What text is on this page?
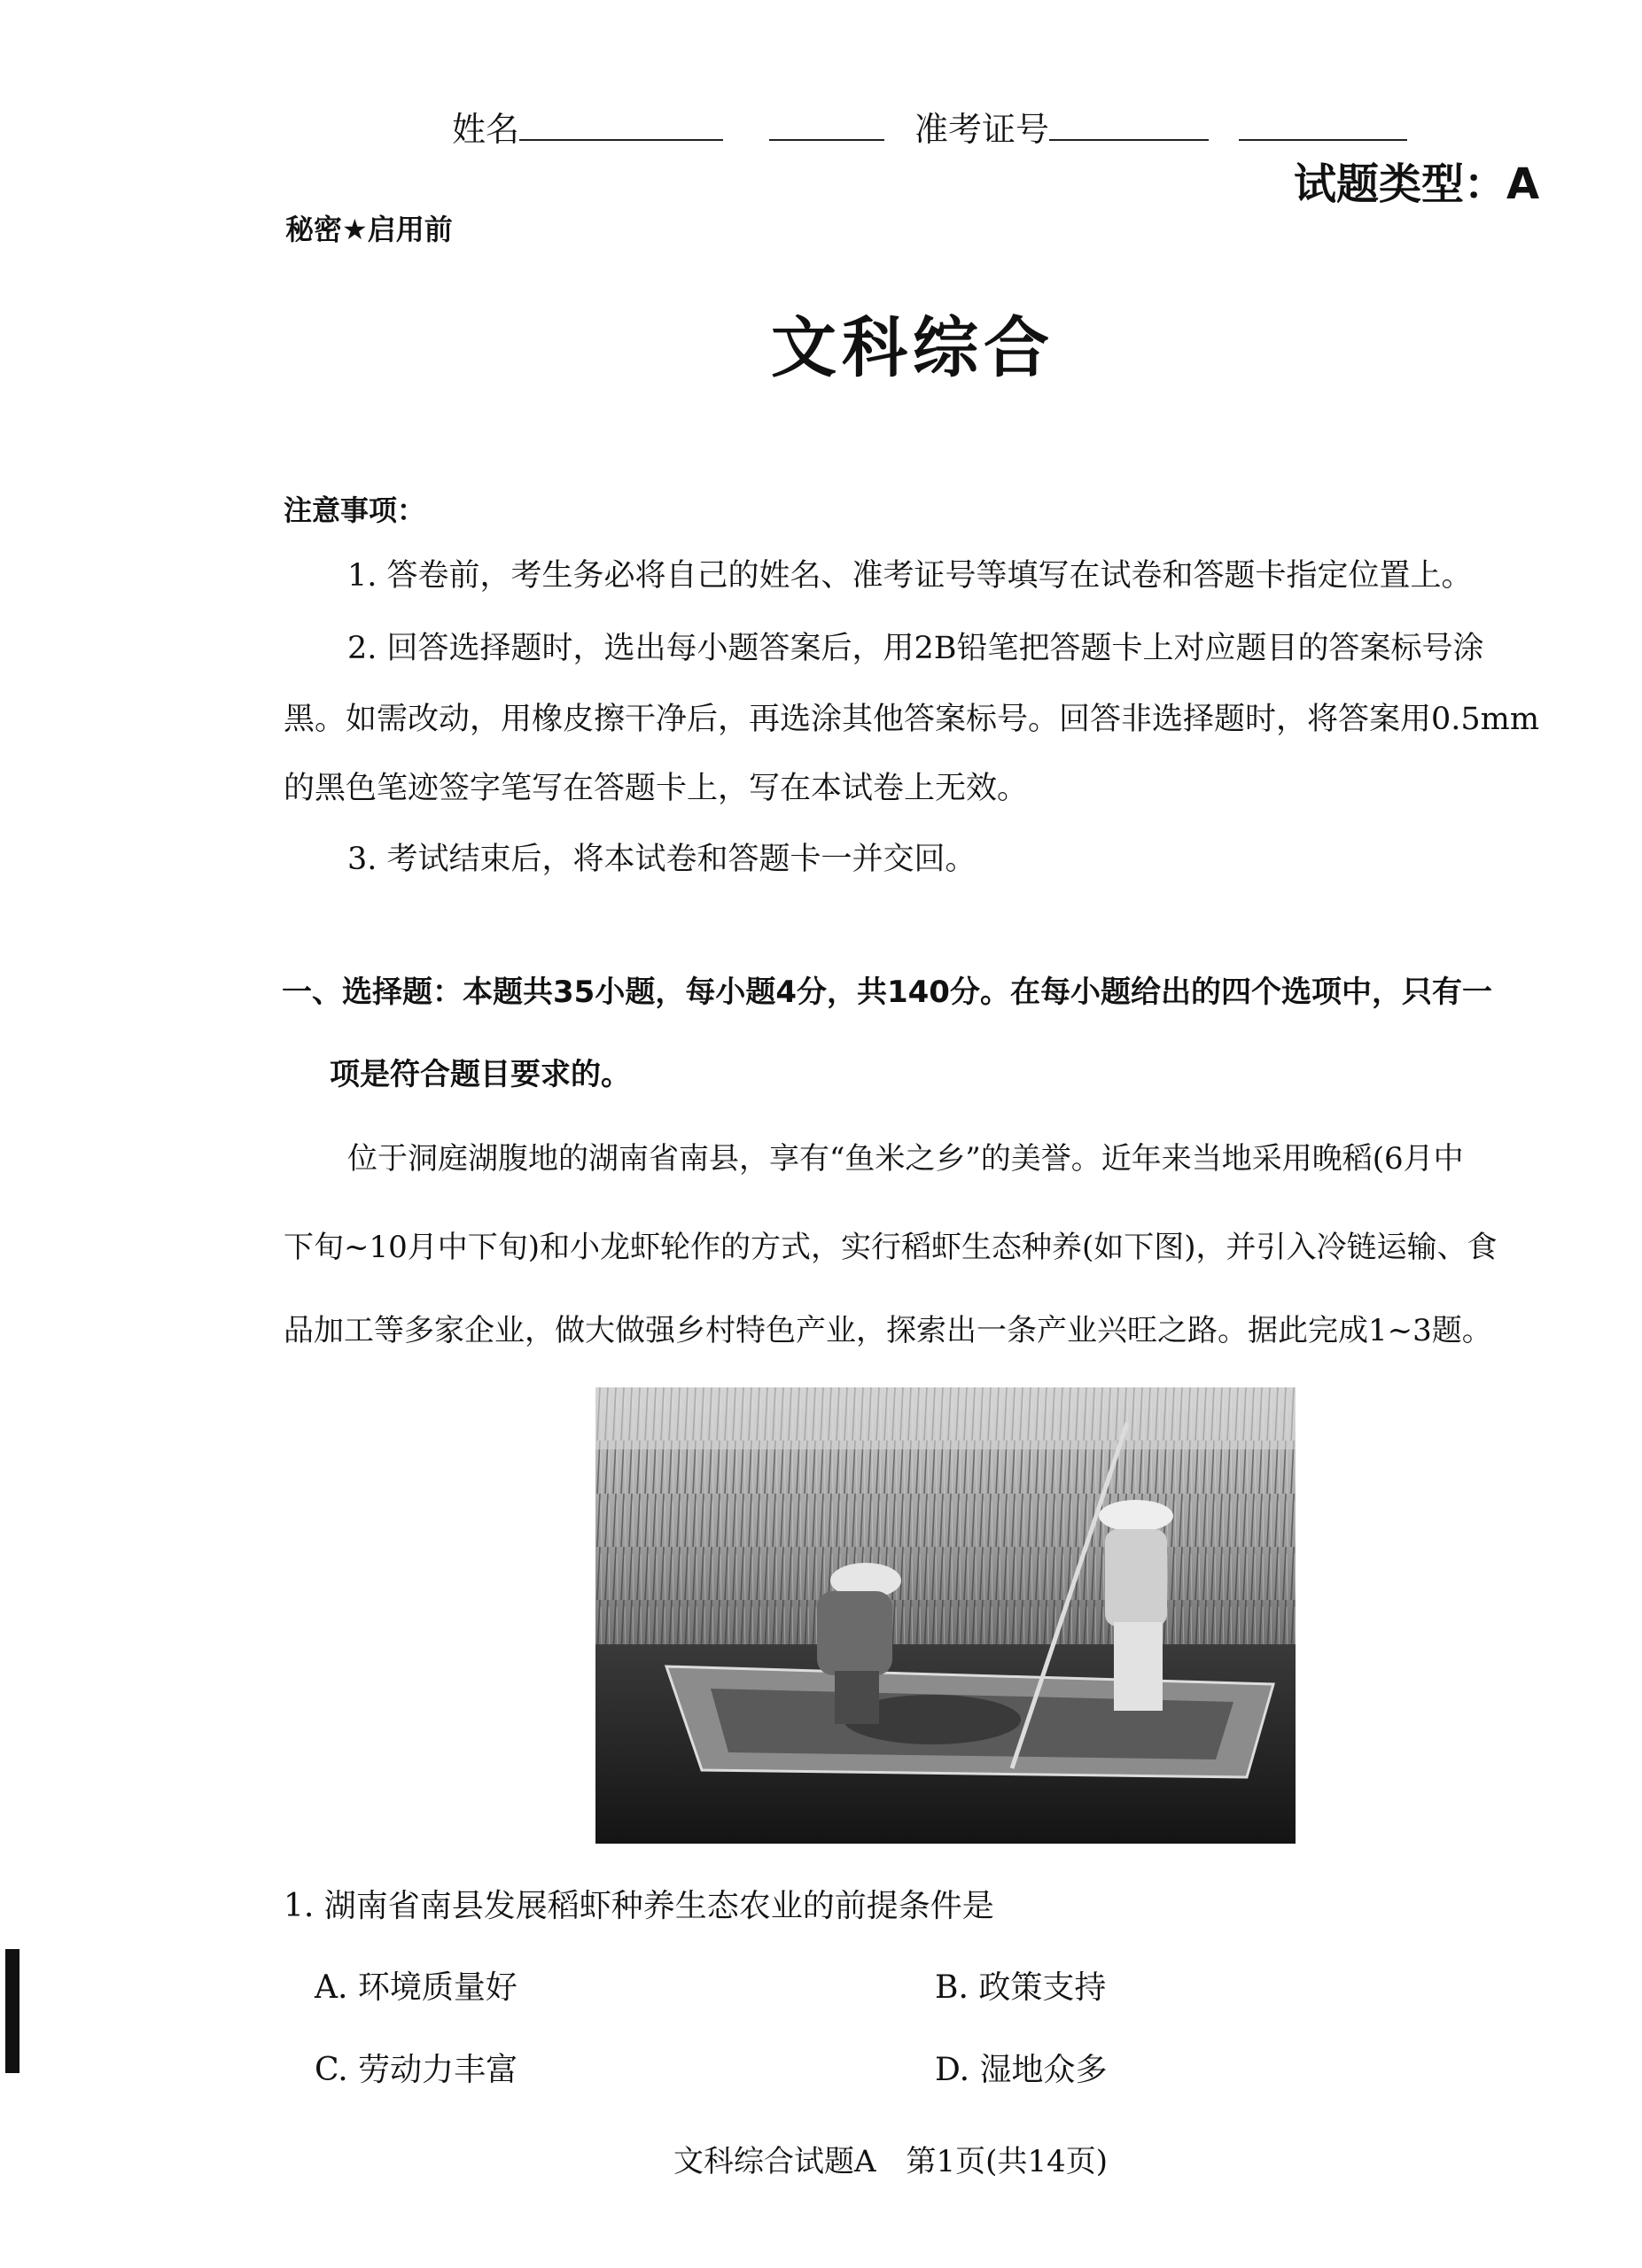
姓名	准考证号
试题类型：A
秘密★启用前
文科综合
注意事项：
1. 答卷前，考生务必将自己的姓名、准考证号等填写在试卷和答题卡指定位置上。
2. 回答选择题时，选出每小题答案后，用2B铅笔把答题卡上对应题目的答案标号涂
黑。如需改动，用橡皮擦干净后，再选涂其他答案标号。回答非选择题时，将答案用0.5mm
的黑色笔迹签字笔写在答题卡上，写在本试卷上无效。
3. 考试结束后，将本试卷和答题卡一并交回。
一、选择题：本题共35小题，每小题4分，共140分。在每小题给出的四个选项中，只有一
项是符合题目要求的。
位于洞庭湖腹地的湖南省南县，享有“鱼米之乡”的美誉。近年来当地采用晚稻(6月中
下旬~10月中下旬)和小龙虾轮作的方式，实行稻虾生态种养(如下图)，并引入冷链运输、食
品加工等多家企业，做大做强乡村特色产业，探索出一条产业兴旺之路。据此完成1~3题。
1. 湖南省南县发展稻虾种养生态农业的前提条件是
A. 环境质量好	B. 政策支持
C. 劳动力丰富	D. 湿地众多
文科综合试题A　第1页(共14页)
